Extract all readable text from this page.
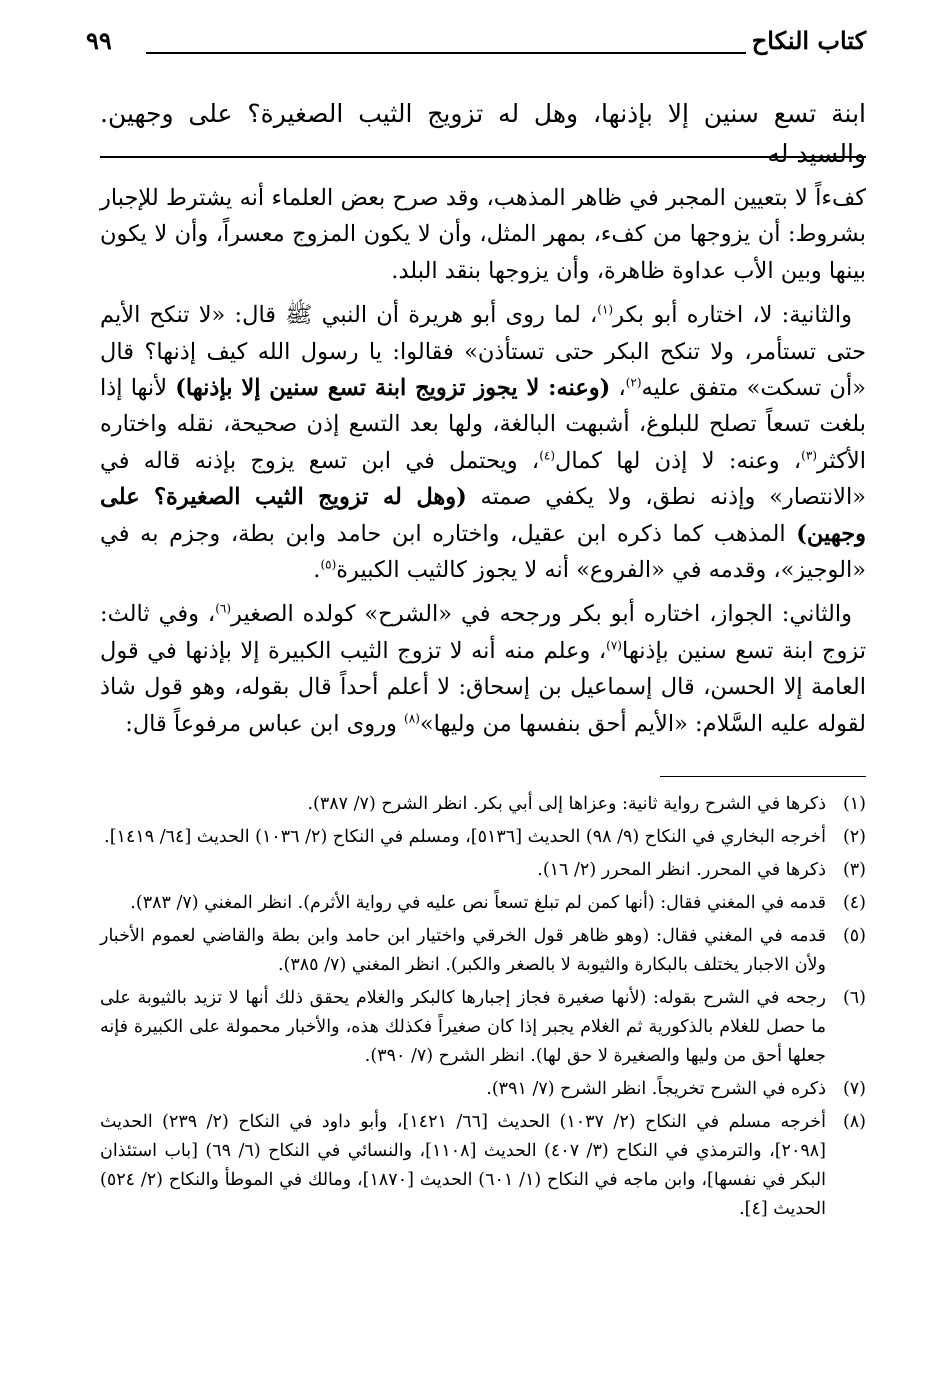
كتاب النكاح
٩٩
ابنة تسع سنين إلا بإذنها، وهل له تزويج الثيب الصغيرة؟ على وجهين. والسيد له

كفءاً لا بتعيين المجبر في ظاهر المذهب، وقد صرح بعض العلماء أنه يشترط للإجبار بشروط: أن يزوجها من كفء، بمهر المثل، وأن لا يكون المزوج معسراً، وأن لا يكون بينها وبين الأب عداوة ظاهرة، وأن يزوجها بنقد البلد.

والثانية: لا، اختاره أبو بكر$^{(١)}$، لما روى أبو هريرة أن النبي ﷺ قال: «لا تنكح الأيم حتى تستأمر، ولا تنكح البكر حتى تستأذن» فقالوا: يا رسول الله كيف إذنها؟ قال «أن تسكت» متفق عليه$^{(٢)}$، (وعنه: لا يجوز تزويج ابنة تسع سنين إلا بإذنها) لأنها إذا بلغت تسعاً تصلح للبلوغ، أشبهت البالغة، ولها بعد التسع إذن صحيحة، نقله واختاره الأكثر$^{(٣)}$، وعنه: لا إذن لها كمال$^{(٤)}$، ويحتمل في ابن تسع يزوج بإذنه قاله في «الانتصار» وإذنه نطق، ولا يكفي صمته (وهل له تزويج الثيب الصغيرة؟ على وجهين) المذهب كما ذكره ابن عقيل، واختاره ابن حامد وابن بطة، وجزم به في «الوجيز»، وقدمه في «الفروع» أنه لا يجوز كالثيب الكبيرة$^{(٥)}$.

والثاني: الجواز، اختاره أبو بكر ورجحه في «الشرح» كولده الصغير$^{(٦)}$، وفي ثالث: تزوج ابنة تسع سنين بإذنها$^{(٧)}$، وعلم منه أنه لا تزوج الثيب الكبيرة إلا بإذنها في قول العامة إلا الحسن، قال إسماعيل بن إسحاق: لا أعلم أحداً قال بقوله، وهو قول شاذ لقوله عليه السَّلام: «الأيم أحق بنفسها من وليها»$^{(٨)}$ وروى ابن عباس مرفوعاً قال:

(١)
ذكرها في الشرح رواية ثانية: وعزاها إلى أبي بكر. انظر الشرح (٧/ ٣٨٧).
(٢)
أخرجه البخاري في النكاح (٩/ ٩٨) الحديث [٥١٣٦]، ومسلم في النكاح (٢/ ١٠٣٦) الحديث [٦٤/ ١٤١٩].
(٣)
ذكرها في المحرر. انظر المحرر (٢/ ١٦).
(٤)
قدمه في المغني فقال: (أنها كمن لم تبلغ تسعاً نص عليه في رواية الأثرم). انظر المغني (٧/ ٣٨٣).
(٥)
قدمه في المغني فقال: (وهو ظاهر قول الخرقي واختيار ابن حامد وابن بطة والقاضي لعموم الأخبار ولأن الاجبار يختلف بالبكارة والثيوبة لا بالصغر والكبر). انظر المغني (٧/ ٣٨٥).
(٦)
رجحه في الشرح بقوله: (لأنها صغيرة فجاز إجبارها كالبكر والغلام يحقق ذلك أنها لا تزيد بالثيوبة على ما حصل للغلام بالذكورية ثم الغلام يجبر إذا كان صغيراً فكذلك هذه، والأخبار محمولة على الكبيرة فإنه جعلها أحق من وليها والصغيرة لا حق لها). انظر الشرح (٧/ ٣٩٠).
(٧)
ذكره في الشرح تخريجاً. انظر الشرح (٧/ ٣٩١).
(٨)
أخرجه مسلم في النكاح (٢/ ١٠٣٧) الحديث [٦٦/ ١٤٢١]، وأبو داود في النكاح (٢/ ٢٣٩) الحديث [٢٠٩٨]، والترمذي في النكاح (٣/ ٤٠٧) الحديث [١١٠٨]، والنسائي في النكاح (٦/ ٦٩) [باب استئذان البكر في نفسها]، وابن ماجه في النكاح (١/ ٦٠١) الحديث [١٨٧٠]، ومالك في الموطأ والنكاح (٢/ ٥٢٤) الحديث [٤].
